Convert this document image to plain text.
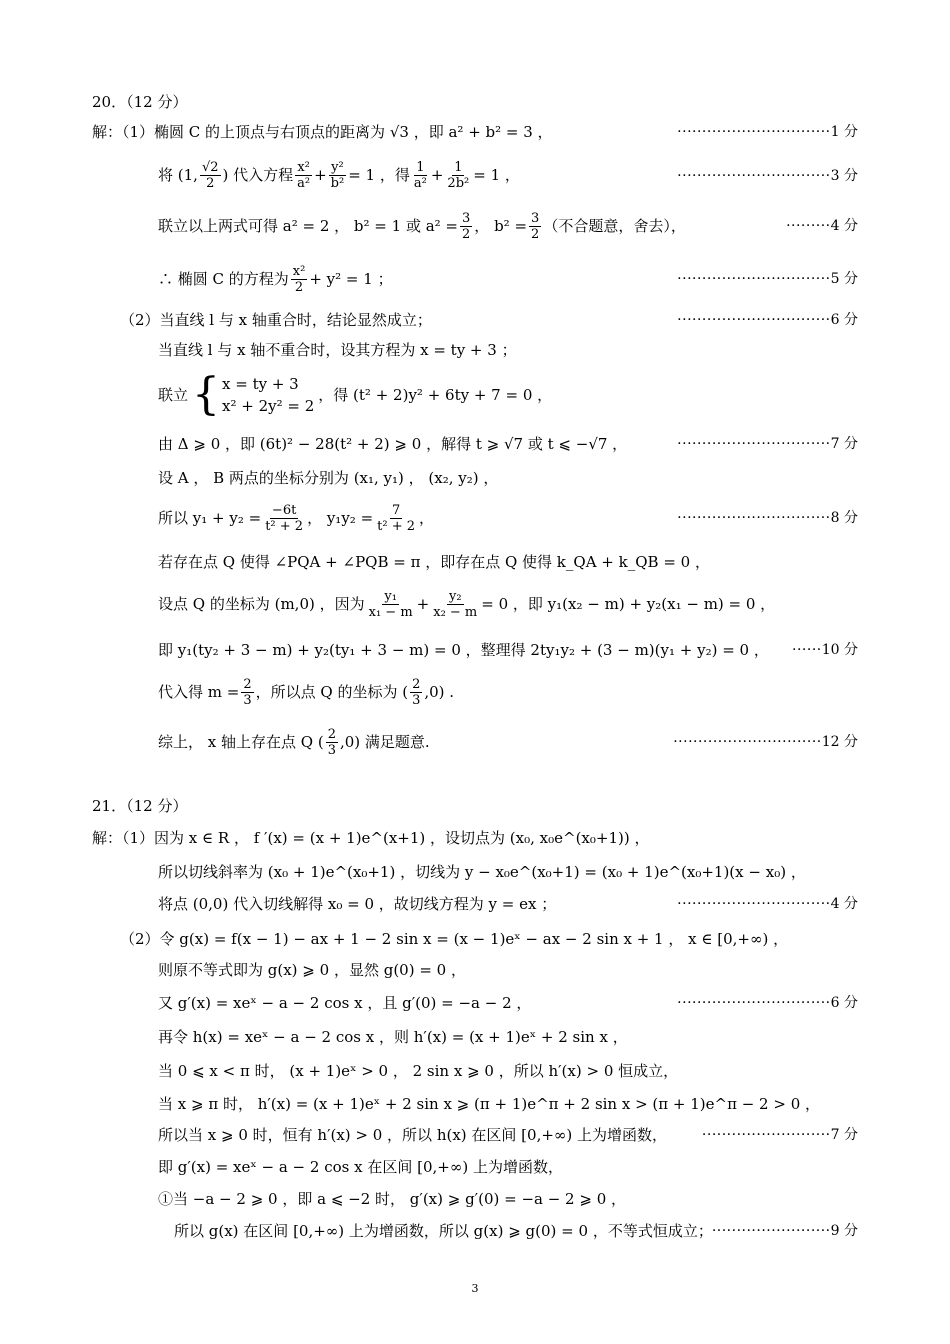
20．（12 分）
解：（1）椭圆 C 的上顶点与右顶点的距离为 √3 ，即 a² + b² = 3 ，	·······························1 分
将 (1, $\frac{√2}{2}$ ) 代入方程 $\frac{\text{x²}}{\text{a²}} + \frac{\text{y²}}{\text{b²}} = 1$ ，得 $\frac{1}{\text{a²}} + \frac{1}{\text{2b²}} = 1$ ，	·······························3 分
联立以上两式可得 a² = 2 ， b² = 1 或 $a^2 = \frac{3}{2}$ ， $b^2 = \frac{3}{2}$ （不合题意，舍去），	·········4 分
∴ 椭圆 C 的方程为 $\frac{\text{x²}}{2} + y^2 = 1$ ；	·······························5 分
（2）当直线 l 与 x 轴重合时，结论显然成立；	·······························6 分
当直线 l 与 x 轴不重合时，设其方程为 x = ty + 3 ；
联立 { x = ty + 3
x² + 2y² = 2
，得 (t² + 2)y² + 6ty + 7 = 0 ，
由 Δ ⩾ 0 ，即 (6t)² − 28(t² + 2) ⩾ 0 ，解得 t ⩾ √7 或 t ⩽ −√7 ，	·······························7 分
设 A ， B 两点的坐标分别为 (x₁, y₁) ， (x₂, y₂) ，
所以 $y_1 + y_2 = \frac{-6t}{\text{t² + 2}}$ ， $y_1y_2 = \frac{7}{\text{t² + 2}}$ ，	·······························8 分
若存在点 Q 使得 ∠PQA + ∠PQB = π ，即存在点 Q 使得 k_QA + k_QB = 0 ，
设点 Q 的坐标为 (m,0) ，因为 $\frac{\text{y₁}}{\text{x₁ − m}} + \frac{\text{y₂}}{\text{x₂ − m}} = 0$ ，即 y₁(x₂ − m) + y₂(x₁ − m) = 0 ，
即 y₁(ty₂ + 3 − m) + y₂(ty₁ + 3 − m) = 0 ，整理得 2ty₁y₂ + (3 − m)(y₁ + y₂) = 0 ， ······10 分
代入得 $m = \frac{2}{3}$ ，所以点 Q 的坐标为 ( $\frac{2}{3} ,0$) .
综上， x 轴上存在点 Q ( $\frac{2}{3} ,0$) 满足题意.	······························12 分
21．（12 分）
解：（1）因为 x ∈ R ， f ′(x) = (x + 1)e^(x+1) ，设切点为 (x₀, x₀e^(x₀+1)) ，
所以切线斜率为 (x₀ + 1)e^(x₀+1) ，切线为 y − x₀e^(x₀+1) = (x₀ + 1)e^(x₀+1)(x − x₀) ，
将点 (0,0) 代入切线解得 x₀ = 0 ，故切线方程为 y = ex ；	·······························4 分
（2）令 g(x) = f(x − 1) − ax + 1 − 2 sin x = (x − 1)eˣ − ax − 2 sin x + 1 ， x ∈ [0,+∞) ，
则原不等式即为 g(x) ⩾ 0 ，显然 g(0) = 0 ，
又 g′(x) = xeˣ − a − 2 cos x ，且 g′(0) = −a − 2 ，	·······························6 分
再令 h(x) = xeˣ − a − 2 cos x ，则 h′(x) = (x + 1)eˣ + 2 sin x ，
当 0 ⩽ x < π 时， (x + 1)eˣ > 0 ， 2 sin x ⩾ 0 ，所以 h′(x) > 0 恒成立，
当 x ⩾ π 时， h′(x) = (x + 1)eˣ + 2 sin x ⩾ (π + 1)e^π + 2 sin x > (π + 1)e^π − 2 > 0 ，
所以当 x ⩾ 0 时，恒有 h′(x) > 0 ，所以 h(x) 在区间 [0,+∞) 上为增函数， ··························7 分
即 g′(x) = xeˣ − a − 2 cos x 在区间 [0,+∞) 上为增函数，
①当 −a − 2 ⩾ 0 ，即 a ⩽ −2 时， g′(x) ⩾ g′(0) = −a − 2 ⩾ 0 ，
所以 g(x) 在区间 [0,+∞) 上为增函数，所以 g(x) ⩾ g(0) = 0 ，不等式恒成立； ························9 分
3
